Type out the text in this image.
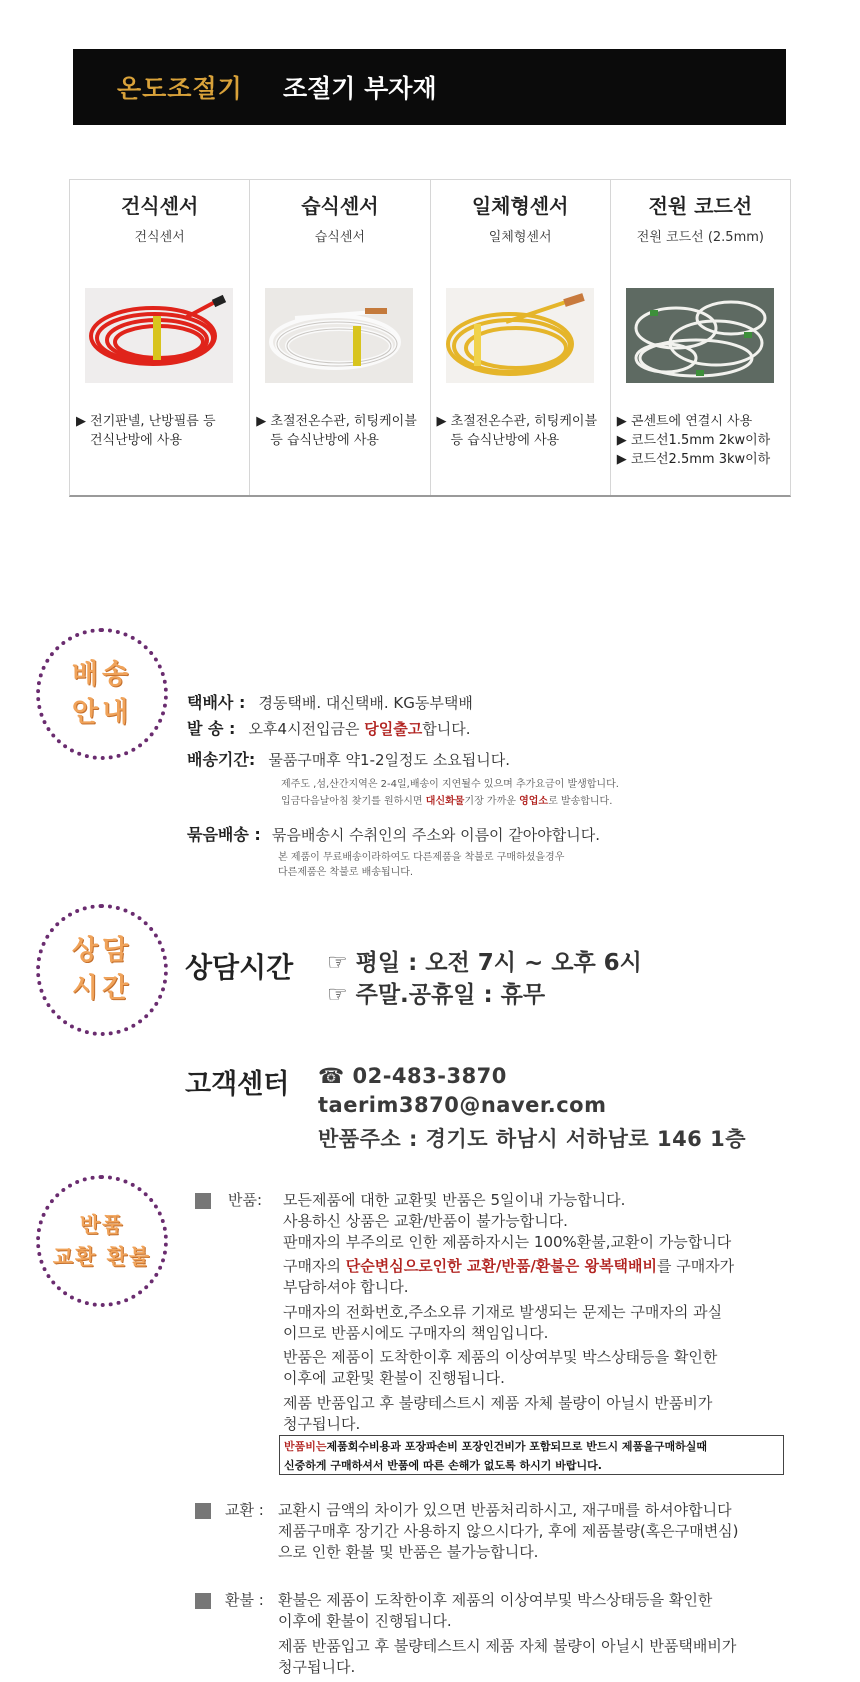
온도조절기 조절기 부자재
건식센서
건식센서
▶ 전기판넬, 난방필름 등
건식난방에 사용
습식센서
습식센서
▶ 초절전온수관, 히팅케이블
등 습식난방에 사용
일체형센서
일체형센서
▶ 초절전온수관, 히팅케이블
등 습식난방에 사용
전원 코드선
전원 코드선 (2.5mm)
▶ 콘센트에 연결시 사용
▶ 코드선1.5mm 2kw이하
▶ 코드선2.5mm 3kw이하
배송
안내	택배사 : 경동택배. 대신택배. KG동부택배
발 송 : 오후4시전입금은 당일출고합니다.
배송기간: 물품구매후 약1-2일정도 소요됩니다.
제주도 ,섬,산간지역은 2-4일,배송이 지연될수 있으며 추가요금이 발생합니다.
입금다음날아침 찾기를 원하시면 대신화물기장 가까운 영업소로 발송합니다.
묶음배송 : 묶음배송시 수취인의 주소와 이름이 같아야합니다.
본 제품이 무료배송이라하여도 다른제품을 착불로 구매하셨을경우
다른제품은 착불로 배송됩니다.
상담
시간
상담시간 ☞ 평일 : 오전 7시 ~ 오후 6시
☞ 주말.공휴일 : 휴무
고객센터 ☎ 02-483-3870
taerim3870@naver.com
반품주소 : 경기도 하남시 서하남로 146 1층
반품
교환 환불
반품: 모든제품에 대한 교환및 반품은 5일이내 가능합니다.
사용하신 상품은 교환/반품이 불가능합니다.
판매자의 부주의로 인한 제품하자시는 100%환불,교환이 가능합니다
구매자의 단순변심으로인한 교환/반품/환불은 왕복택배비를 구매자가
부담하셔야 합니다.
구매자의 전화번호,주소오류 기재로 발생되는 문제는 구매자의 과실
이므로 반품시에도 구매자의 책임입니다.
반품은 제품이 도착한이후 제품의 이상여부및 박스상태등을 확인한
이후에 교환및 환불이 진행됩니다.
제품 반품입고 후 불량테스트시 제품 자체 불량이 아닐시 반품비가
청구됩니다.
반품비는제품회수비용과 포장파손비 포장인건비가 포함되므로 반드시 제품을구매하실때
신중하게 구매하셔서 반품에 따른 손해가 없도록 하시기 바랍니다.
교환 : 교환시 금액의 차이가 있으면 반품처리하시고, 재구매를 하셔야합니다
제품구매후 장기간 사용하지 않으시다가, 후에 제품불량(혹은구매변심)
으로 인한 환불 및 반품은 불가능합니다.
환불 : 환불은 제품이 도착한이후 제품의 이상여부및 박스상태등을 확인한
이후에 환불이 진행됩니다.
제품 반품입고 후 불량테스트시 제품 자체 불량이 아닐시 반품택배비가
청구됩니다.
